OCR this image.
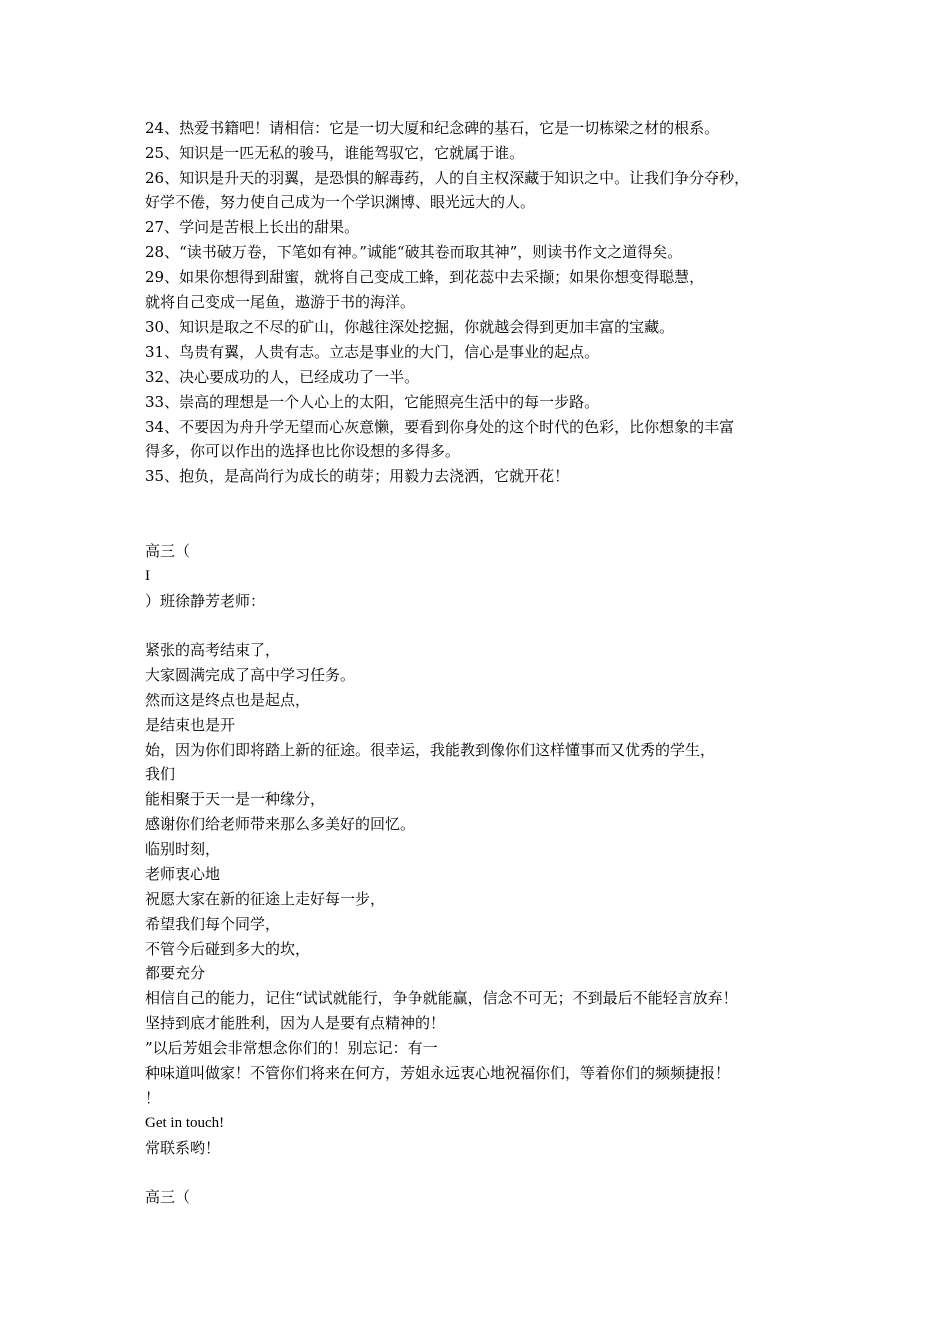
24、热爱书籍吧！请相信：它是一切大厦和纪念碑的基石，它是一切栋梁之材的根系。
25、知识是一匹无私的骏马，谁能驾驭它，它就属于谁。
26、知识是升天的羽翼，是恐惧的解毒药，人的自主权深藏于知识之中。让我们争分夺秒，
好学不倦，努力使自己成为一个学识渊博、眼光远大的人。
27、学问是苦根上长出的甜果。
28、“读书破万卷，下笔如有神。”诚能“破其卷而取其神”，则读书作文之道得矣。
29、如果你想得到甜蜜，就将自己变成工蜂，到花蕊中去采撷；如果你想变得聪慧，
就将自己变成一尾鱼，遨游于书的海洋。
30、知识是取之不尽的矿山，你越往深处挖掘，你就越会得到更加丰富的宝藏。
31、鸟贵有翼，人贵有志。立志是事业的大门，信心是事业的起点。
32、决心要成功的人，已经成功了一半。
33、崇高的理想是一个人心上的太阳，它能照亮生活中的每一步路。
34、不要因为舟升学无望而心灰意懒，要看到你身处的这个时代的色彩，比你想象的丰富
得多，你可以作出的选择也比你设想的多得多。
35、抱负，是高尚行为成长的萌芽；用毅力去浇洒，它就开花！
高三（
I
）班徐静芳老师：
紧张的高考结束了，
大家圆满完成了高中学习任务。
然而这是终点也是起点，
是结束也是开
始，因为你们即将踏上新的征途。很幸运，我能教到像你们这样懂事而又优秀的学生，
我们
能相聚于天一是一种缘分，
感谢你们给老师带来那么多美好的回忆。
临别时刻，
老师衷心地
祝愿大家在新的征途上走好每一步，
希望我们每个同学，
不管今后碰到多大的坎，
都要充分
相信自己的能力，记住“试试就能行，争争就能赢，信念不可无；不到最后不能轻言放弃！
坚持到底才能胜利，因为人是要有点精神的！
”以后芳姐会非常想念你们的！别忘记：有一
种味道叫做家！不管你们将来在何方，芳姐永远衷心地祝福你们，等着你们的频频捷报！
！
Get in touch!
常联系哟！
高三（
